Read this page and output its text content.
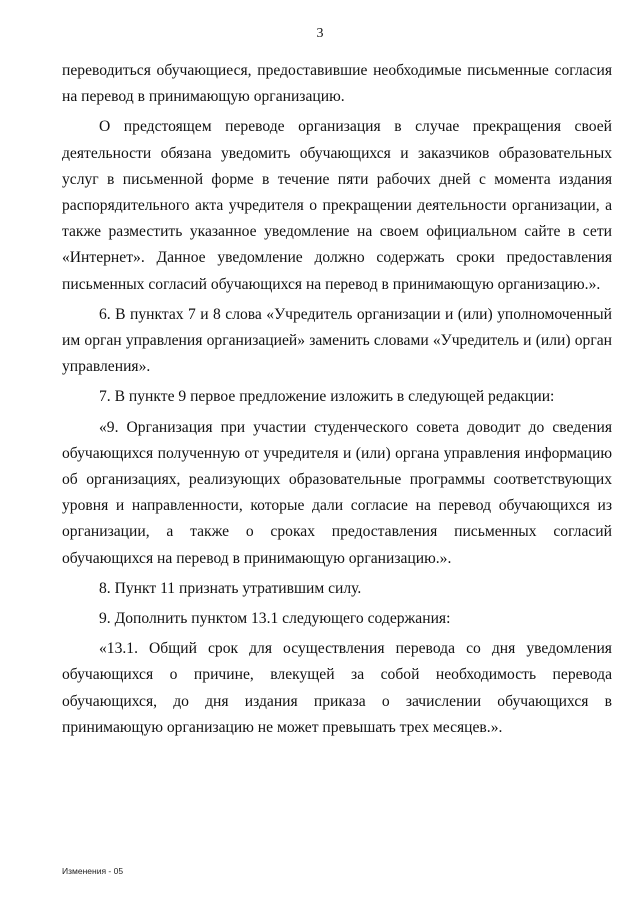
3

переводиться обучающиеся, предоставившие необходимые письменные согласия на перевод в принимающую организацию.

О предстоящем переводе организация в случае прекращения своей деятельности обязана уведомить обучающихся и заказчиков образовательных услуг в письменной форме в течение пяти рабочих дней с момента издания распорядительного акта учредителя о прекращении деятельности организации, а также разместить указанное уведомление на своем официальном сайте в сети «Интернет». Данное уведомление должно содержать сроки предоставления письменных согласий обучающихся на перевод в принимающую организацию.».

6. В пунктах 7 и 8 слова «Учредитель организации и (или) уполномоченный им орган управления организацией» заменить словами «Учредитель и (или) орган управления».

7. В пункте 9 первое предложение изложить в следующей редакции:

«9. Организация при участии студенческого совета доводит до сведения обучающихся полученную от учредителя и (или) органа управления информацию об организациях, реализующих образовательные программы соответствующих уровня и направленности, которые дали согласие на перевод обучающихся из организации, а также о сроках предоставления письменных согласий обучающихся на перевод в принимающую организацию.».

8. Пункт 11 признать утратившим силу.

9. Дополнить пунктом 13.1 следующего содержания:

«13.1. Общий срок для осуществления перевода со дня уведомления обучающихся о причине, влекущей за собой необходимость перевода обучающихся, до дня издания приказа о зачислении обучающихся в принимающую организацию не может превышать трех месяцев.».

Изменения - 05
